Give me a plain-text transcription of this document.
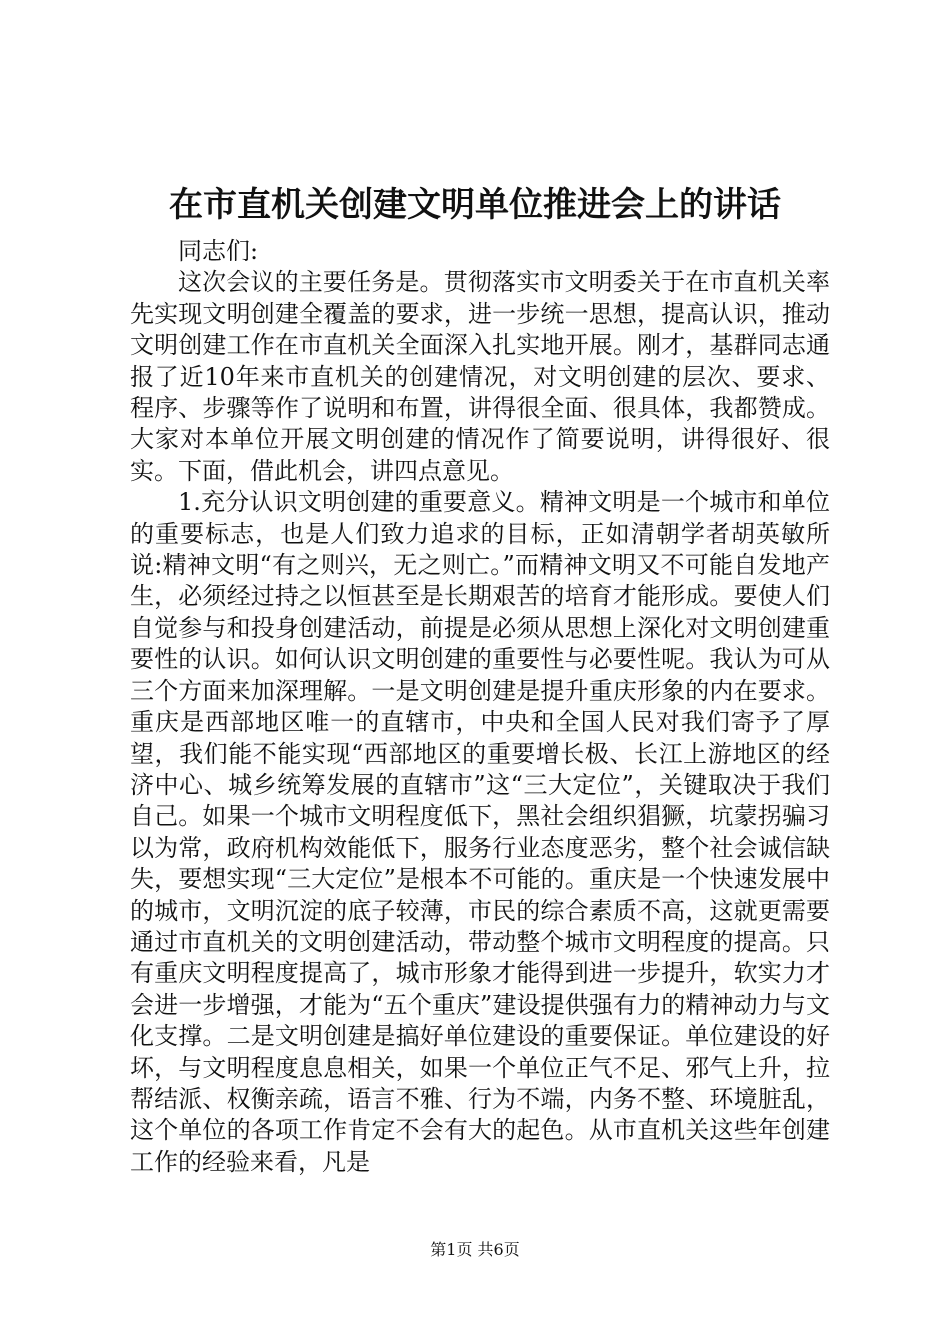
在市直机关创建文明单位推进会上的讲话

同志们:

这次会议的主要任务是。贯彻落实市文明委关于在市直机关率先实现文明创建全覆盖的要求，进一步统一思想，提高认识，推动文明创建工作在市直机关全面深入扎实地开展。刚才，基群同志通报了近10年来市直机关的创建情况，对文明创建的层次、要求、程序、步骤等作了说明和布置，讲得很全面、很具体，我都赞成。大家对本单位开展文明创建的情况作了简要说明，讲得很好、很实。下面，借此机会，讲四点意见。

1.充分认识文明创建的重要意义。精神文明是一个城市和单位的重要标志，也是人们致力追求的目标，正如清朝学者胡英敏所说:精神文明“有之则兴，无之则亡。”而精神文明又不可能自发地产生，必须经过持之以恒甚至是长期艰苦的培育才能形成。要使人们自觉参与和投身创建活动，前提是必须从思想上深化对文明创建重要性的认识。如何认识文明创建的重要性与必要性呢。我认为可从三个方面来加深理解。一是文明创建是提升重庆形象的内在要求。重庆是西部地区唯一的直辖市，中央和全国人民对我们寄予了厚望，我们能不能实现“西部地区的重要增长极、长江上游地区的经济中心、城乡统筹发展的直辖市”这“三大定位”，关键取决于我们自己。如果一个城市文明程度低下，黑社会组织猖獗，坑蒙拐骗习以为常，政府机构效能低下，服务行业态度恶劣，整个社会诚信缺失，要想实现“三大定位”是根本不可能的。重庆是一个快速发展中的城市，文明沉淀的底子较薄，市民的综合素质不高，这就更需要通过市直机关的文明创建活动，带动整个城市文明程度的提高。只有重庆文明程度提高了，城市形象才能得到进一步提升，软实力才会进一步增强，才能为“五个重庆”建设提供强有力的精神动力与文化支撑。二是文明创建是搞好单位建设的重要保证。单位建设的好坏，与文明程度息息相关，如果一个单位正气不足、邪气上升，拉帮结派、权衡亲疏，语言不雅、行为不端，内务不整、环境脏乱，这个单位的各项工作肯定不会有大的起色。从市直机关这些年创建工作的经验来看，凡是

第1页 共6页
